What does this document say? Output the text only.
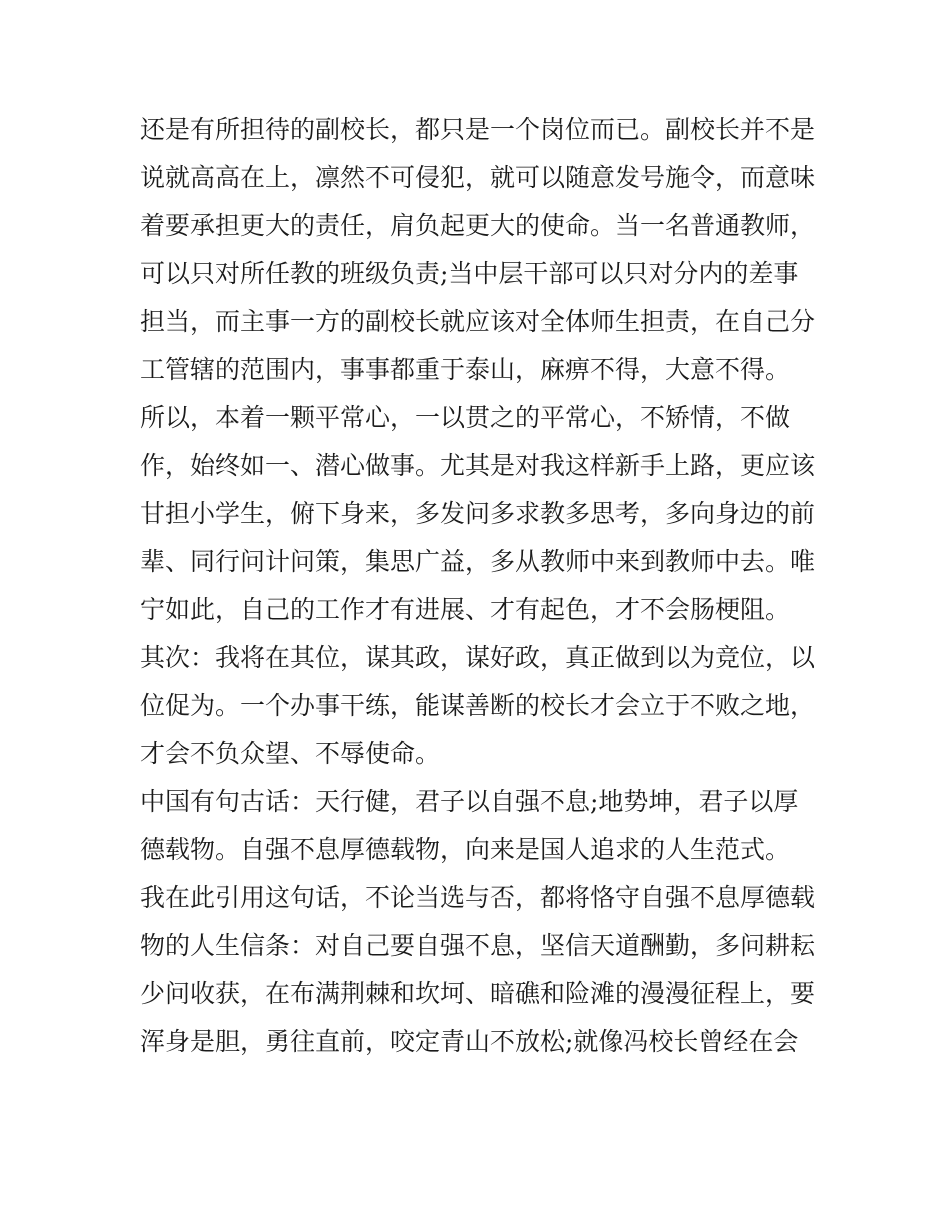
还是有所担待的副校长，都只是一个岗位而已。副校长并不是
说就高高在上，凛然不可侵犯，就可以随意发号施令，而意味
着要承担更大的责任，肩负起更大的使命。当一名普通教师，
可以只对所任教的班级负责;当中层干部可以只对分内的差事
担当，而主事一方的副校长就应该对全体师生担责，在自己分
工管辖的范围内，事事都重于泰山，麻痹不得，大意不得。
所以，本着一颗平常心，一以贯之的平常心，不矫情，不做
作，始终如一、潜心做事。尤其是对我这样新手上路，更应该
甘担小学生，俯下身来，多发问多求教多思考，多向身边的前
辈、同行问计问策，集思广益，多从教师中来到教师中去。唯
宁如此，自己的工作才有进展、才有起色，才不会肠梗阻。
其次：我将在其位，谋其政，谋好政，真正做到以为竞位，以
位促为。一个办事干练，能谋善断的校长才会立于不败之地，
才会不负众望、不辱使命。
中国有句古话：天行健，君子以自强不息;地势坤，君子以厚
德载物。自强不息厚德载物，向来是国人追求的人生范式。
我在此引用这句话，不论当选与否，都将恪守自强不息厚德载
物的人生信条：对自己要自强不息，坚信天道酬勤，多问耕耘
少问收获，在布满荆棘和坎坷、暗礁和险滩的漫漫征程上，要
浑身是胆，勇往直前，咬定青山不放松;就像冯校长曾经在会
